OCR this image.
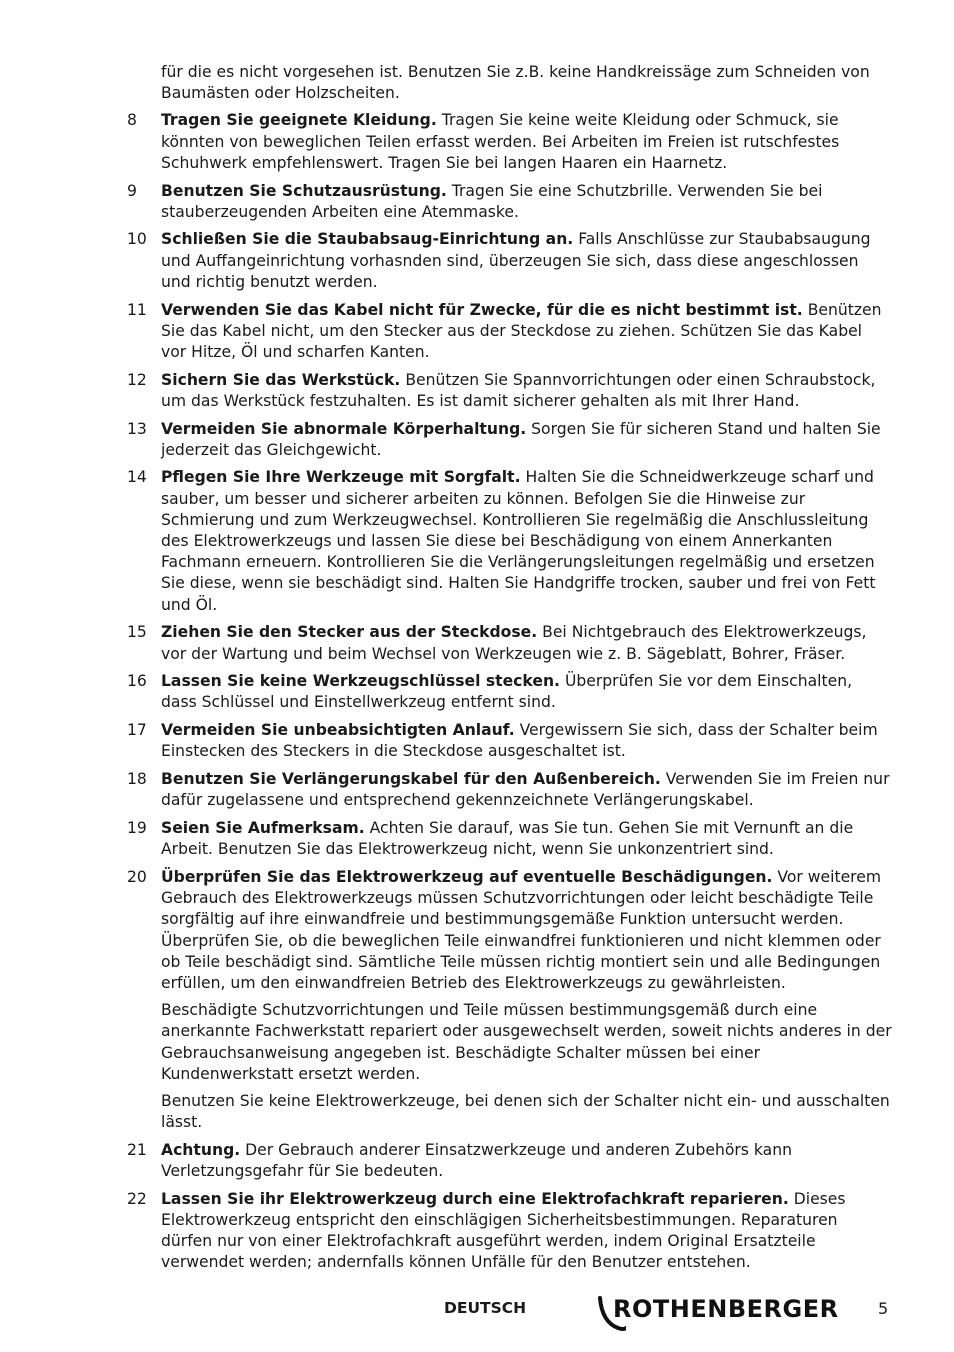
für die es nicht vorgesehen ist. Benutzen Sie z.B. keine Handkreissäge zum Schneiden von Baumästen oder Holzscheiten.
8	Tragen Sie geeignete Kleidung. Tragen Sie keine weite Kleidung oder Schmuck, sie könnten von beweglichen Teilen erfasst werden. Bei Arbeiten im Freien ist rutschfestes Schuhwerk empfehlenswert. Tragen Sie bei langen Haaren ein Haarnetz.
9	Benutzen Sie Schutzausrüstung. Tragen Sie eine Schutzbrille. Verwenden Sie bei stauberzeugenden Arbeiten eine Atemmaske.
10 Schließen Sie die Staubabsaug-Einrichtung an. Falls Anschlüsse zur Staubabsaugung und Auffangeinrichtung vorhasnden sind, überzeugen Sie sich, dass diese angeschlossen und richtig benutzt werden.
11 Verwenden Sie das Kabel nicht für Zwecke, für die es nicht bestimmt ist. Benützen Sie das Kabel nicht, um den Stecker aus der Steckdose zu ziehen. Schützen Sie das Kabel vor Hitze, Öl und scharfen Kanten.
12 Sichern Sie das Werkstück. Benützen Sie Spannvorrichtungen oder einen Schraubstock, um das Werkstück festzuhalten. Es ist damit sicherer gehalten als mit Ihrer Hand.
13 Vermeiden Sie abnormale Körperhaltung. Sorgen Sie für sicheren Stand und halten Sie jederzeit das Gleichgewicht.
14 Pflegen Sie Ihre Werkzeuge mit Sorgfalt. Halten Sie die Schneidwerkzeuge scharf und sauber, um besser und sicherer arbeiten zu können. Befolgen Sie die Hinweise zur Schmierung und zum Werkzeugwechsel. Kontrollieren Sie regelmäßig die Anschlussleitung des Elektrowerkzeugs und lassen Sie diese bei Beschädigung von einem Annerkanten Fachmann erneuern. Kontrollieren Sie die Verlängerungsleitungen regelmäßig und ersetzen Sie diese, wenn sie beschädigt sind. Halten Sie Handgriffe trocken, sauber und frei von Fett und Öl.
15 Ziehen Sie den Stecker aus der Steckdose. Bei Nichtgebrauch des Elektrowerkzeugs, vor der Wartung und beim Wechsel von Werkzeugen wie z. B. Sägeblatt, Bohrer, Fräser.
16 Lassen Sie keine Werkzeugschlüssel stecken. Überprüfen Sie vor dem Einschalten, dass Schlüssel und Einstellwerkzeug entfernt sind.
17 Vermeiden Sie unbeabsichtigten Anlauf. Vergewissern Sie sich, dass der Schalter beim Einstecken des Steckers in die Steckdose ausgeschaltet ist.
18 Benutzen Sie Verlängerungskabel für den Außenbereich. Verwenden Sie im Freien nur dafür zugelassene und entsprechend gekennzeichnete Verlängerungskabel.
19 Seien Sie Aufmerksam. Achten Sie darauf, was Sie tun. Gehen Sie mit Vernunft an die Arbeit. Benutzen Sie das Elektrowerkzeug nicht, wenn Sie unkonzentriert sind.
20 Überprüfen Sie das Elektrowerkzeug auf eventuelle Beschädigungen. Vor weiterem Gebrauch des Elektrowerkzeugs müssen Schutzvorrichtungen oder leicht beschädigte Teile sorgfältig auf ihre einwandfreie und bestimmungsgemäße Funktion untersucht werden. Überprüfen Sie, ob die beweglichen Teile einwandfrei funktionieren und nicht klemmen oder ob Teile beschädigt sind. Sämtliche Teile müssen richtig montiert sein und alle Bedingungen erfüllen, um den einwandfreien Betrieb des Elektrowerkzeugs zu gewährleisten.
Beschädigte Schutzvorrichtungen und Teile müssen bestimmungsgemäß durch eine anerkannte Fachwerkstatt repariert oder ausgewechselt werden, soweit nichts anderes in der Gebrauchsanweisung angegeben ist. Beschädigte Schalter müssen bei einer Kundenwerkstatt ersetzt werden.
Benutzen Sie keine Elektrowerkzeuge, bei denen sich der Schalter nicht ein- und ausschalten lässt.
21 Achtung. Der Gebrauch anderer Einsatzwerkzeuge und anderen Zubehörs kann Verletzungsgefahr für Sie bedeuten.
22 Lassen Sie ihr Elektrowerkzeug durch eine Elektrofachkraft reparieren. Dieses Elektrowerkzeug entspricht den einschlägigen Sicherheitsbestimmungen. Reparaturen dürfen nur von einer Elektrofachkraft ausgeführt werden, indem Original Ersatzteile verwendet werden; andernfalls können Unfälle für den Benutzer entstehen.
DEUTSCH	ROTHENBERGER 5
